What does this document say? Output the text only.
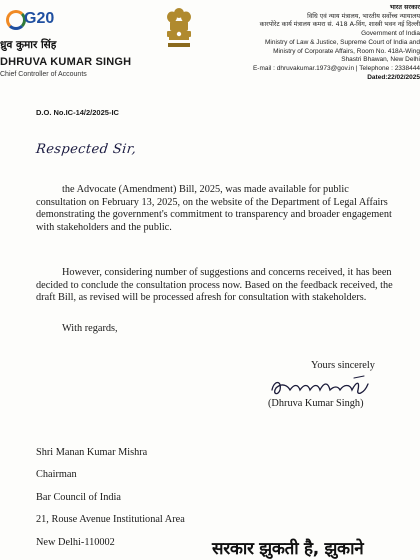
G20
ध्रुव कुमार सिंह
DHRUVA KUMAR SINGH
Chief Controller of Accounts
भारत सरकार
विधि एवं न्याय मंत्रालय, भारतीय सर्वोच्च न्यायालय
कारपोरेट कार्य मंत्रालय कमरा सं. 418 A-विंग, शास्त्री भवन नई दिल्ली
Government of India
Ministry of Law & Justice, Supreme Court of India and
Ministry of Corporate Affairs, Room No. 418A-Wing
Shastri Bhawan, New Delhi
E-mail : dhruvakumar.1973@gov.in | Telephone : 2338444
Dated:22/02/2025
D.O. No.IC-14/2/2025-IC
Respected Sir,
the Advocate (Amendment) Bill, 2025, was made available for public consultation on February 13, 2025, on the website of the Department of Legal Affairs demonstrating the government's commitment to transparency and broader engagement with stakeholders and the public.
However, considering number of suggestions and concerns received, it has been decided to conclude the consultation process now. Based on the feedback received, the draft Bill, as revised will be processed afresh for consultation with stakeholders.
With regards,
Yours sincerely
(Dhruva Kumar Singh)
Shri Manan Kumar Mishra
Chairman
Bar Council of India
21, Rouse Avenue Institutional Area
New Delhi-110002	सरकार झुकती है, झुकाने
